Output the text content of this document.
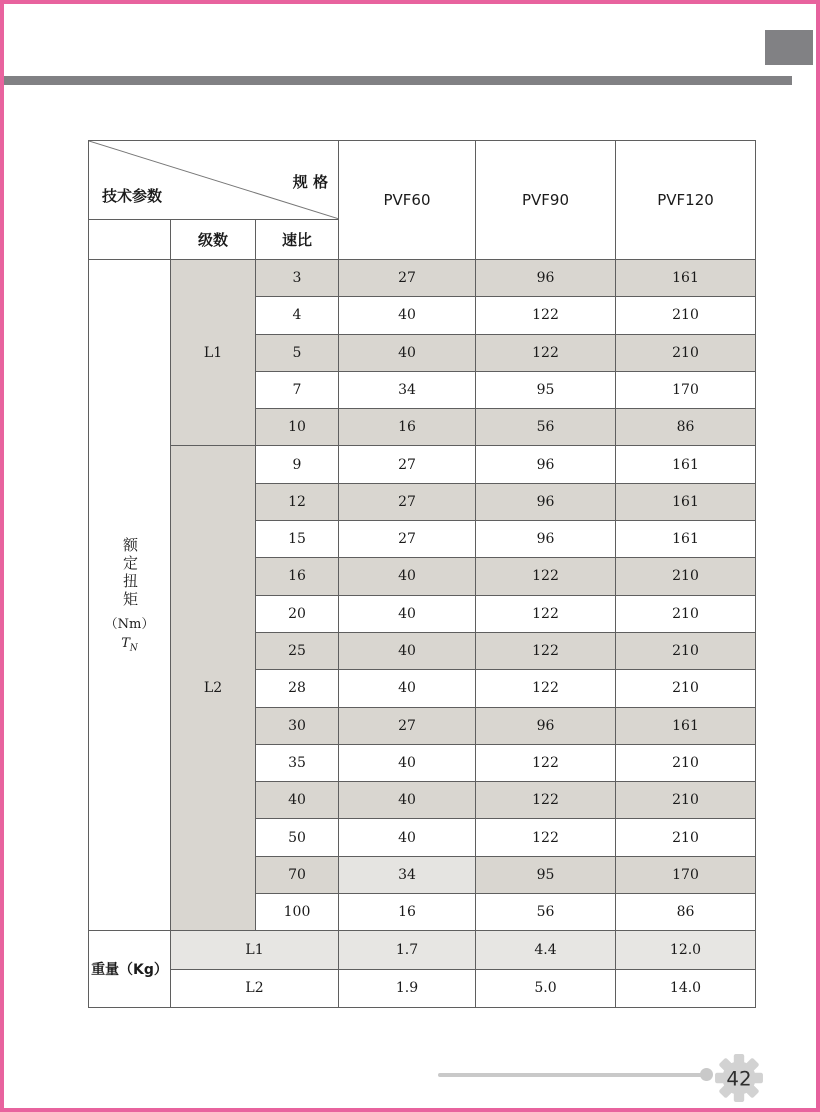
技术参数
规 格			PVF60	PVF90	PVF120
	级数	速比			

额定扭矩
（Nm）
$T_N$	L1	3	27	96	161
		4	40	122	210
		5	40	122	210
		7	34	95	170
		10	16	56	86
	L2	9	27	96	161
		12	27	96	161
		15	27	96	161
		16	40	122	210
		20	40	122	210
		25	40	122	210
		28	40	122	210
		30	27	96	161
		35	40	122	210
		40	40	122	210
		50	40	122	210
		70	34	95	170
		100	16	56	86
重量（Kg）	L1		1.7	4.4	12.0
	L2		1.9	5.0	14.0
42
